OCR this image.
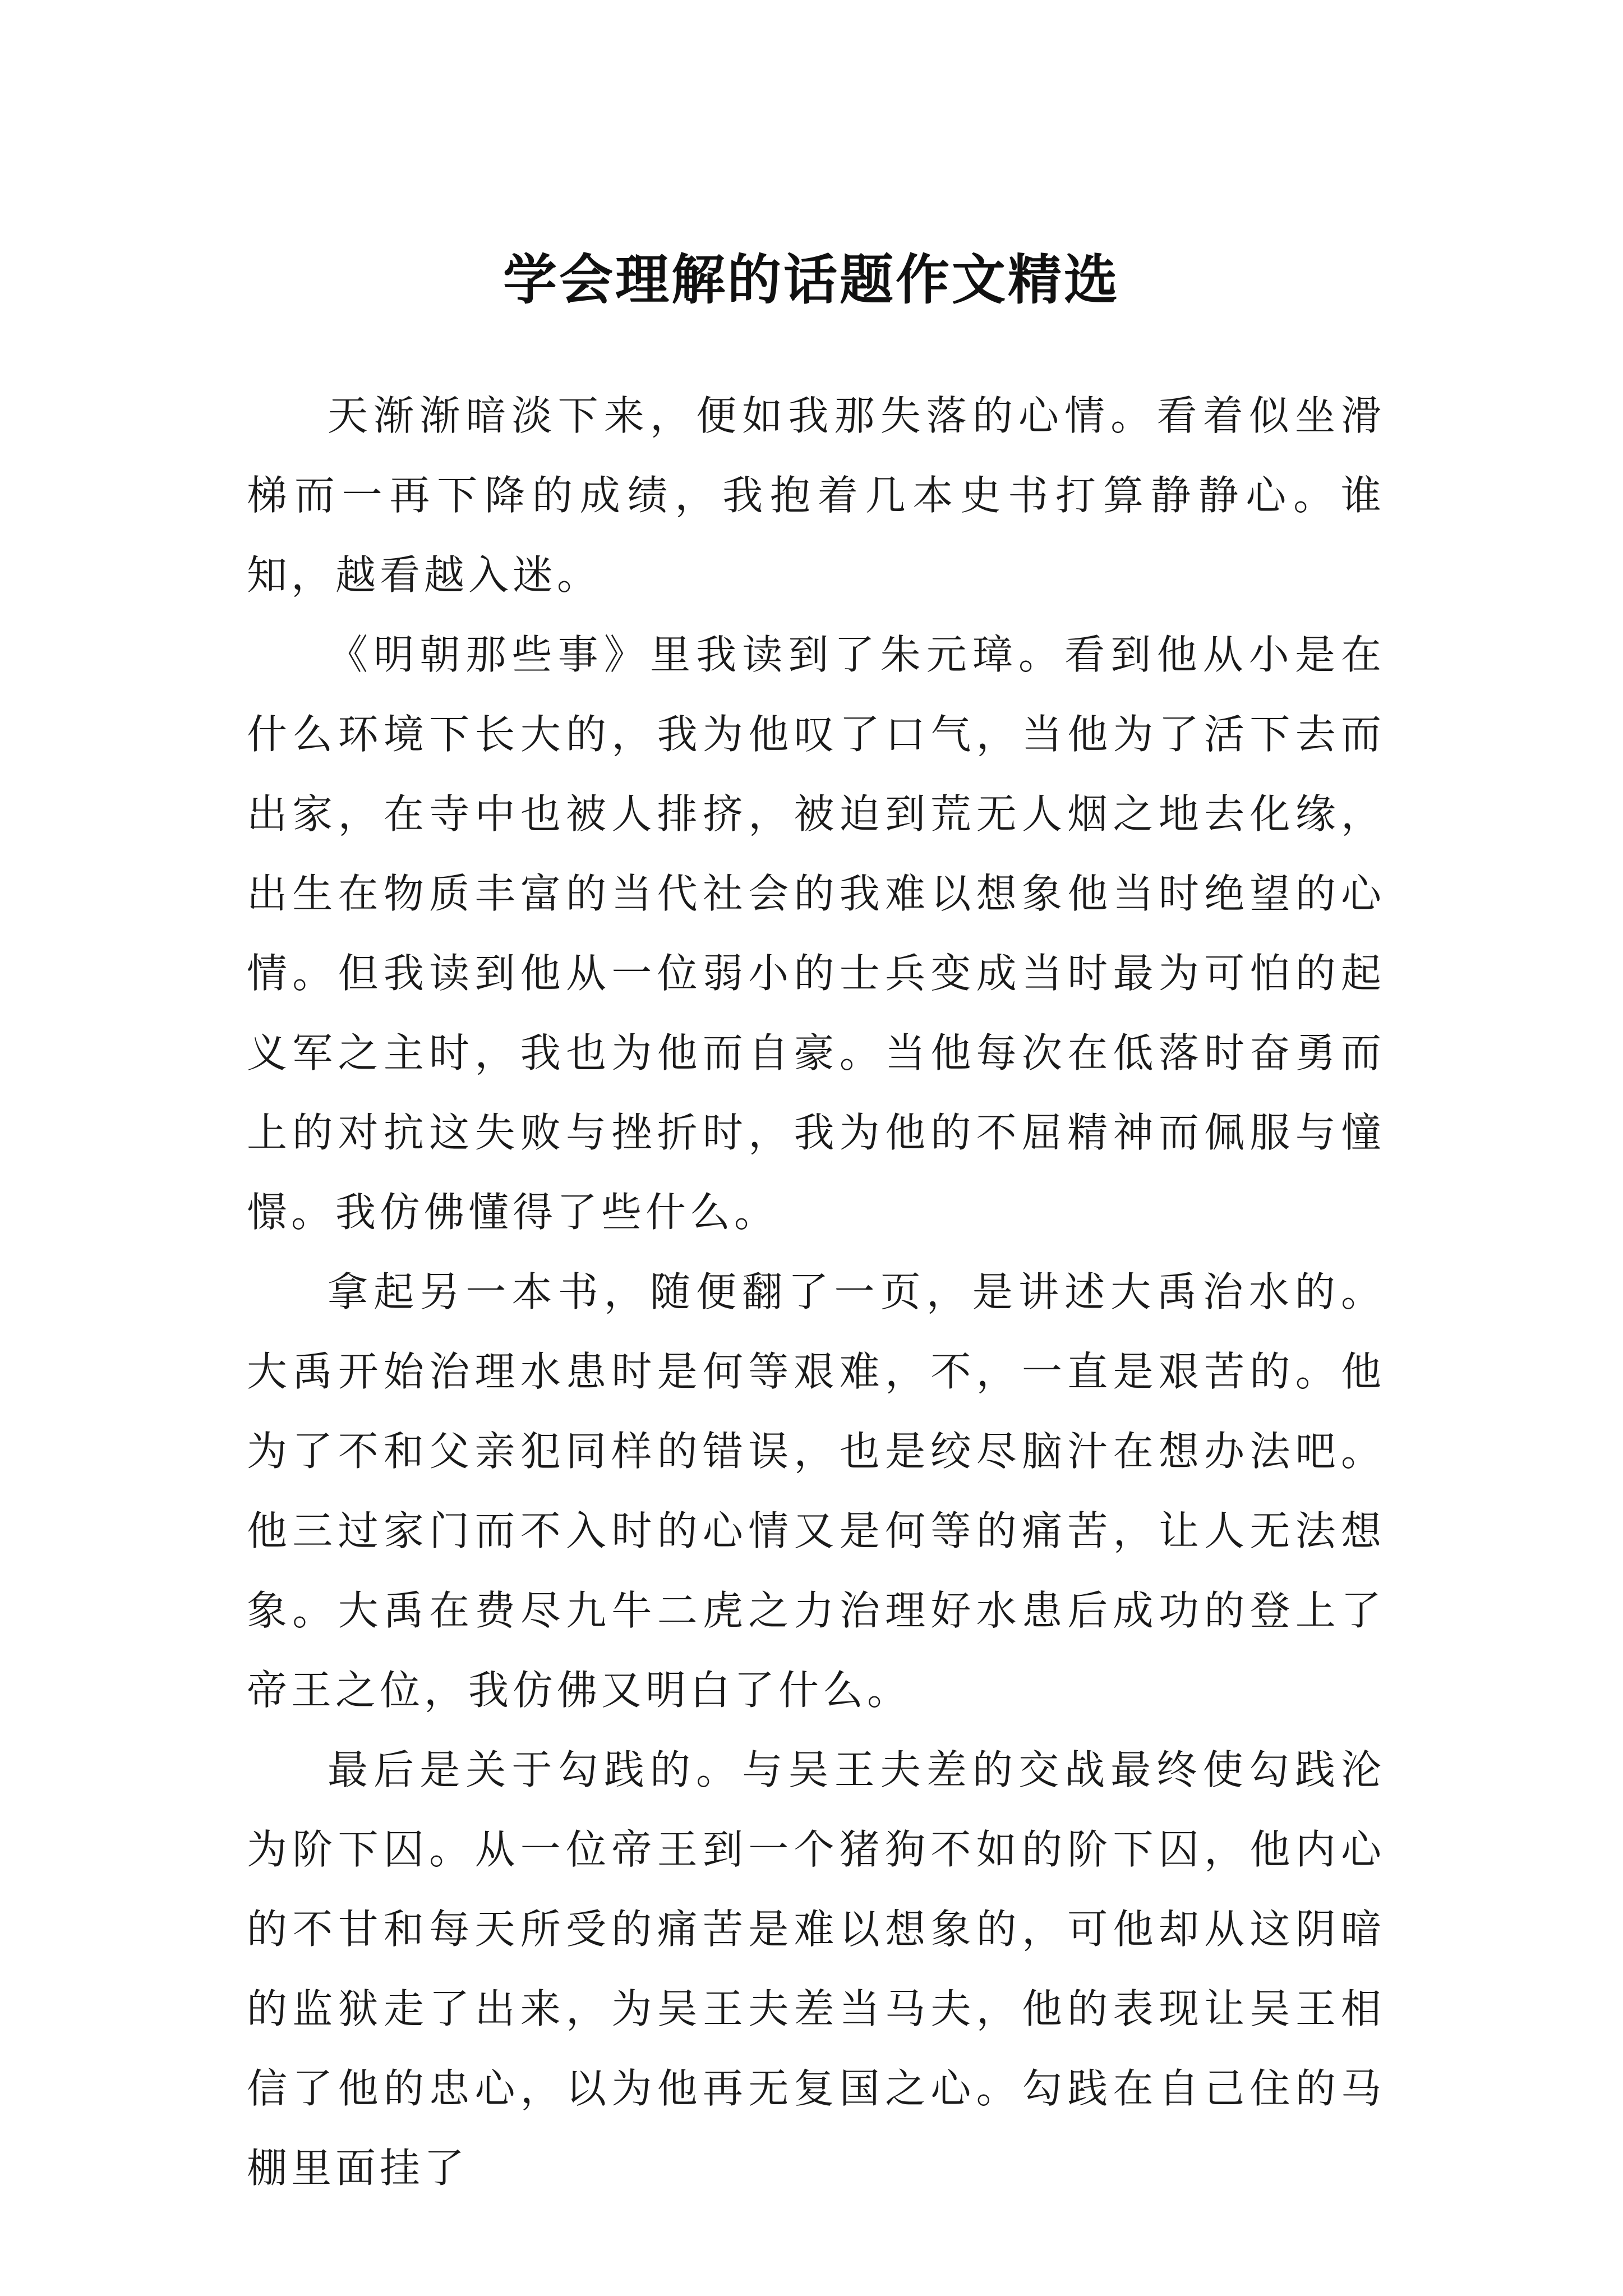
学会理解的话题作文精选

天渐渐暗淡下来，便如我那失落的心情。看着似坐滑梯而一再下降的成绩，我抱着几本史书打算静静心。谁知，越看越入迷。

《明朝那些事》里我读到了朱元璋。看到他从小是在什么环境下长大的，我为他叹了口气，当他为了活下去而出家，在寺中也被人排挤，被迫到荒无人烟之地去化缘，出生在物质丰富的当代社会的我难以想象他当时绝望的心情。但我读到他从一位弱小的士兵变成当时最为可怕的起义军之主时，我也为他而自豪。当他每次在低落时奋勇而上的对抗这失败与挫折时，我为他的不屈精神而佩服与憧憬。我仿佛懂得了些什么。

拿起另一本书，随便翻了一页，是讲述大禹治水的。大禹开始治理水患时是何等艰难，不，一直是艰苦的。他为了不和父亲犯同样的错误，也是绞尽脑汁在想办法吧。他三过家门而不入时的心情又是何等的痛苦，让人无法想象。大禹在费尽九牛二虎之力治理好水患后成功的登上了帝王之位，我仿佛又明白了什么。

最后是关于勾践的。与吴王夫差的交战最终使勾践沦为阶下囚。从一位帝王到一个猪狗不如的阶下囚，他内心的不甘和每天所受的痛苦是难以想象的，可他却从这阴暗的监狱走了出来，为吴王夫差当马夫，他的表现让吴王相信了他的忠心，以为他再无复国之心。勾践在自己住的马棚里面挂了
